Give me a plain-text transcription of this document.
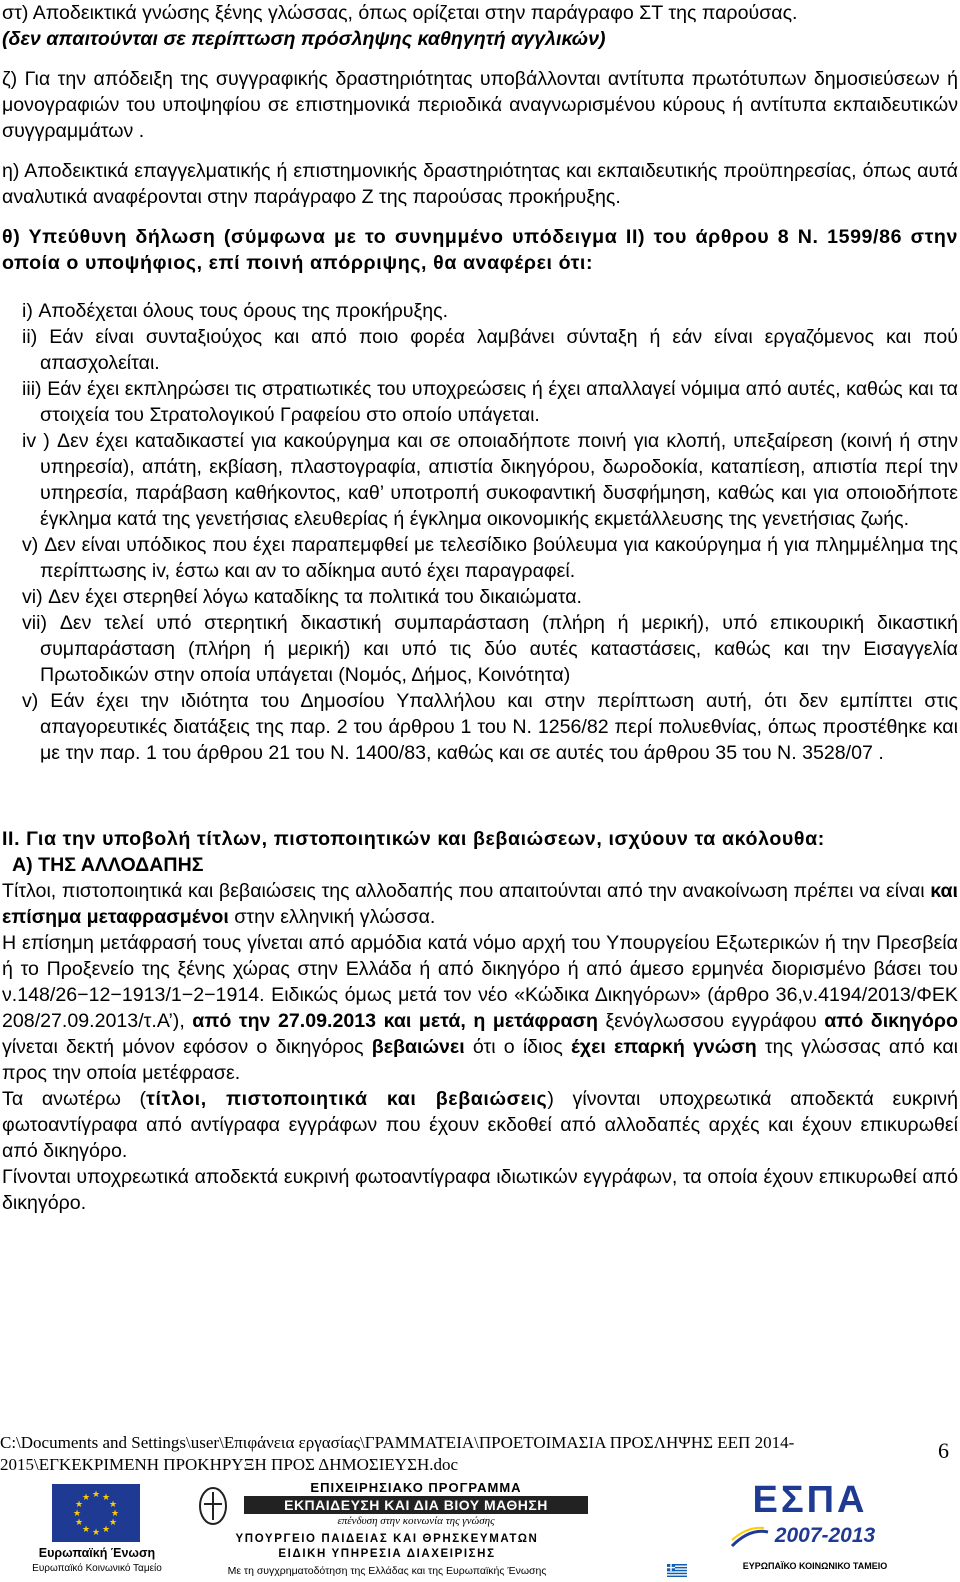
στ) Αποδεικτικά γνώσης ξένης γλώσσας, όπως ορίζεται στην παράγραφο ΣΤ της παρούσας.

(δεν απαιτούνται σε περίπτωση πρόσληψης καθηγητή αγγλικών)

ζ) Για την απόδειξη της συγγραφικής δραστηριότητας υποβάλλονται αντίτυπα πρωτότυπων δημοσιεύσεων ή μονογραφιών του υποψηφίου σε επιστημονικά περιοδικά αναγνωρισμένου κύρους ή αντίτυπα εκπαιδευτικών συγγραμμάτων .

η) Αποδεικτικά επαγγελματικής ή επιστημονικής δραστηριότητας και εκπαιδευτικής προϋπηρεσίας, όπως αυτά αναλυτικά αναφέρονται στην παράγραφο Ζ της παρούσας προκήρυξης.

θ) Υπεύθυνη δήλωση (σύμφωνα με το συνημμένο υπόδειγμα ΙΙ) του άρθρου 8 Ν. 1599/86 στην οποία ο υποψήφιος, επί ποινή απόρριψης, θα αναφέρει ότι:

i) Αποδέχεται όλους τους όρους της προκήρυξης.
ii) Εάν είναι συνταξιούχος και από ποιο φορέα λαμβάνει σύνταξη ή εάν είναι εργαζόμενος και πού απασχολείται.
iii) Εάν έχει εκπληρώσει τις στρατιωτικές του υποχρεώσεις ή έχει απαλλαγεί νόμιμα από αυτές, καθώς και τα στοιχεία του Στρατολογικού Γραφείου στο οποίο υπάγεται.
iv ) Δεν έχει καταδικαστεί για κακούργημα και σε οποιαδήποτε ποινή για κλοπή, υπεξαίρεση (κοινή ή στην υπηρεσία), απάτη, εκβίαση, πλαστογραφία, απιστία δικηγόρου, δωροδοκία, καταπίεση, απιστία περί την υπηρεσία, παράβαση καθήκοντος, καθ’ υποτροπή συκοφαντική δυσφήμηση, καθώς και για οποιοδήποτε έγκλημα κατά της γενετήσιας ελευθερίας ή έγκλημα οικονομικής εκμετάλλευσης της γενετήσιας ζωής.
v) Δεν είναι υπόδικος που έχει παραπεμφθεί με τελεσίδικο βούλευμα για κακούργημα ή για πλημμέλημα της περίπτωσης iv, έστω και αν το αδίκημα αυτό έχει παραγραφεί.
vi) Δεν έχει στερηθεί λόγω καταδίκης τα πολιτικά του δικαιώματα.
vii) Δεν τελεί υπό στερητική δικαστική συμπαράσταση (πλήρη ή μερική), υπό επικουρική δικαστική συμπαράσταση (πλήρη ή μερική) και υπό τις δύο αυτές καταστάσεις, καθώς και την Εισαγγελία Πρωτοδικών στην οποία υπάγεται (Νομός, Δήμος, Κοινότητα)
v) Εάν έχει την ιδιότητα του Δημοσίου Υπαλλήλου και στην περίπτωση αυτή, ότι δεν εμπίπτει στις απαγορευτικές διατάξεις της παρ. 2 του άρθρου 1 του Ν. 1256/82 περί πολυεθνίας, όπως προστέθηκε και με την παρ. 1 του άρθρου 21 του Ν. 1400/83, καθώς και σε αυτές του άρθρου 35 του Ν. 3528/07 .

ΙΙ. Για την υποβολή τίτλων, πιστοποιητικών και βεβαιώσεων, ισχύουν τα ακόλουθα:

Α) ΤΗΣ ΑΛΛΟΔΑΠΗΣ

Τίτλοι, πιστοποιητικά και βεβαιώσεις της αλλοδαπής που απαιτούνται από την ανακοίνωση πρέπει να είναι και επίσημα μεταφρασμένοι στην ελληνική γλώσσα.

Η επίσημη μετάφρασή τους γίνεται από αρμόδια κατά νόμο αρχή του Υπουργείου Εξωτερικών ή την Πρεσβεία ή το Προξενείο της ξένης χώρας στην Ελλάδα ή από δικηγόρο ή από άμεσο ερμηνέα διορισμένο βάσει του ν.148/26−12−1913/1−2−1914. Ειδικώς όμως μετά τον νέο «Κώδικα Δικηγόρων» (άρθρο 36,ν.4194/2013/ΦΕΚ 208/27.09.2013/τ.Α’), από την 27.09.2013 και μετά, η μετάφραση ξενόγλωσσου εγγράφου από δικηγόρο γίνεται δεκτή μόνον εφόσον ο δικηγόρος βεβαιώνει ότι ο ίδιος έχει επαρκή γνώση της γλώσσας από και προς την οποία μετέφρασε.

Τα ανωτέρω (τίτλοι, πιστοποιητικά και βεβαιώσεις) γίνονται υποχρεωτικά αποδεκτά ευκρινή φωτοαντίγραφα από αντίγραφα εγγράφων που έχουν εκδοθεί από αλλοδαπές αρχές και έχουν επικυρωθεί από δικηγόρο.

Γίνονται υποχρεωτικά αποδεκτά ευκρινή φωτοαντίγραφα ιδιωτικών εγγράφων, τα οποία έχουν επικυρωθεί από δικηγόρο.

C:\Documents and Settings\user\Επιφάνεια εργασίας\ΓΡΑΜΜΑΤΕΙΑ\ΠΡΟΕΤΟΙΜΑΣΙΑ ΠΡΟΣΛΗΨΗΣ ΕΕΠ 2014-2015\ΕΓΚΕΚΡΙΜΕΝΗ ΠΡΟΚΗΡΥΞΗ ΠΡΟΣ ΔΗΜΟΣΙΕΥΣΗ.doc
6
★ ★
★
★
★
★
★
★
★
★
★
★
Ευρωπαϊκή Ένωση
Ευρωπαϊκό Κοινωνικό Ταμείο
ΕΠΙΧΕΙΡΗΣΙΑΚΟ ΠΡΟΓΡΑΜΜΑ
ΕΚΠΑΙΔΕΥΣΗ ΚΑΙ ΔΙΑ ΒΙΟΥ ΜΑΘΗΣΗ
επένδυση στην κοινωνία της γνώσης
ΥΠΟΥΡΓΕΙΟ ΠΑΙΔΕΙΑΣ ΚΑΙ ΘΡΗΣΚΕΥΜΑΤΩΝ
ΕΙΔΙΚΗ ΥΠΗΡΕΣΙΑ ΔΙΑΧΕΙΡΙΣΗΣ
Με τη συγχρηματοδότηση της Ελλάδας και της Ευρωπαϊκής Ένωσης
ΕΣΠΑ
2007-2013
ΕΥΡΩΠΑΪΚΟ ΚΟΙΝΩΝΙΚΟ ΤΑΜΕΙΟ
